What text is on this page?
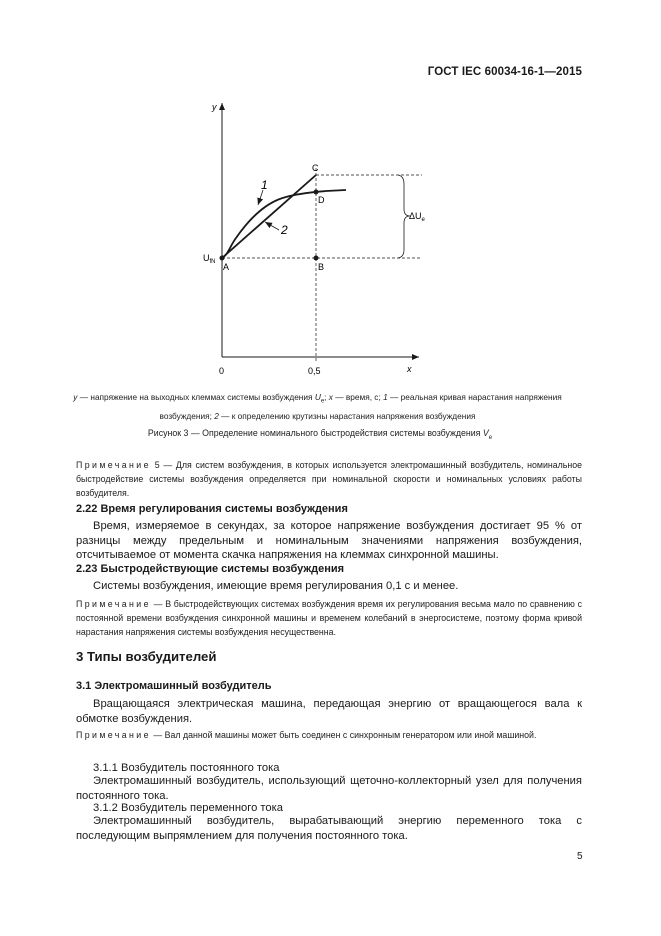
ГОСТ IEC 60034-16-1—2015
y
x
0	0,5
$U_{fN}$
1
2
A	B
C
D
$\Delta U_e$
y — напряжение на выходных клеммах системы возбуждения $U_e$; x — время, с; 1 — реальная кривая нарастания напряжения возбуждения; 2 — к определению крутизны нарастания напряжения возбуждения
Рисунок 3 — Определение номинального быстродействия системы возбуждения $V_e$
Примечание 5 — Для систем возбуждения, в которых используется электромашинный возбудитель, номинальное быстродействие системы возбуждения определяется при номинальной скорости и номинальных условиях работы возбудителя.
2.22 Время регулирования системы возбуждения
Время, измеряемое в секундах, за которое напряжение возбуждения достигает 95 % от разницы между предельным и номинальным значениями напряжения возбуждения, отсчитываемое от момента скачка напряжения на клеммах синхронной машины.
2.23 Быстродействующие системы возбуждения
Системы возбуждения, имеющие время регулирования 0,1 с и менее.
Примечание — В быстродействующих системах возбуждения время их регулирования весьма мало по сравнению с постоянной времени возбуждения синхронной машины и временем колебаний в энергосистеме, поэтому форма кривой нарастания напряжения системы возбуждения несущественна.
3 Типы возбудителей
3.1 Электромашинный возбудитель
Вращающаяся электрическая машина, передающая энергию от вращающегося вала к обмотке возбуждения.
Примечание — Вал данной машины может быть соединен с синхронным генератором или иной машиной.
3.1.1 Возбудитель постоянного тока
Электромашинный возбудитель, использующий щеточно-коллекторный узел для получения постоянного тока.
3.1.2 Возбудитель переменного тока
Электромашинный возбудитель, вырабатывающий энергию переменного тока с последующим выпрямлением для получения постоянного тока.
5
